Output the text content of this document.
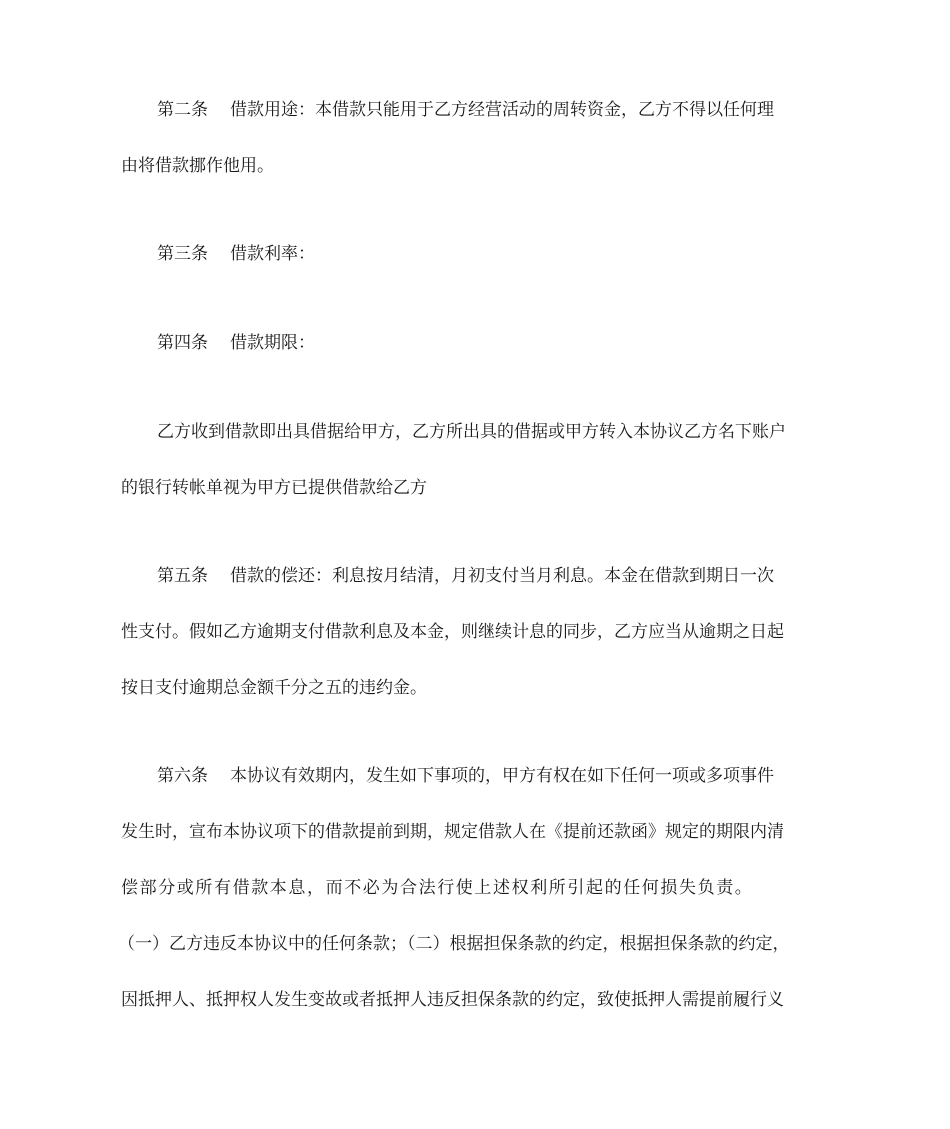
第二条 借款用途：本借款只能用于乙方经营活动的周转资金，乙方不得以任何理
由将借款挪作他用。
第三条 借款利率：
第四条 借款期限：
乙方收到借款即出具借据给甲方，乙方所出具的借据或甲方转入本协议乙方名下账户
的银行转帐单视为甲方已提供借款给乙方
第五条 借款的偿还：利息按月结清，月初支付当月利息。本金在借款到期日一次
性支付。假如乙方逾期支付借款利息及本金，则继续计息的同步，乙方应当从逾期之日起
按日支付逾期总金额千分之五的违约金。
第六条 本协议有效期内，发生如下事项的，甲方有权在如下任何一项或多项事件
发生时，宣布本协议项下的借款提前到期，规定借款人在《提前还款函》规定的期限内清
偿部分或所有借款本息，而不必为合法行使上述权利所引起的任何损失负责。
（一）乙方违反本协议中的任何条款；（二）根据担保条款的约定，根据担保条款的约定，
因抵押人、抵押权人发生变故或者抵押人违反担保条款的约定，致使抵押人需提前履行义
